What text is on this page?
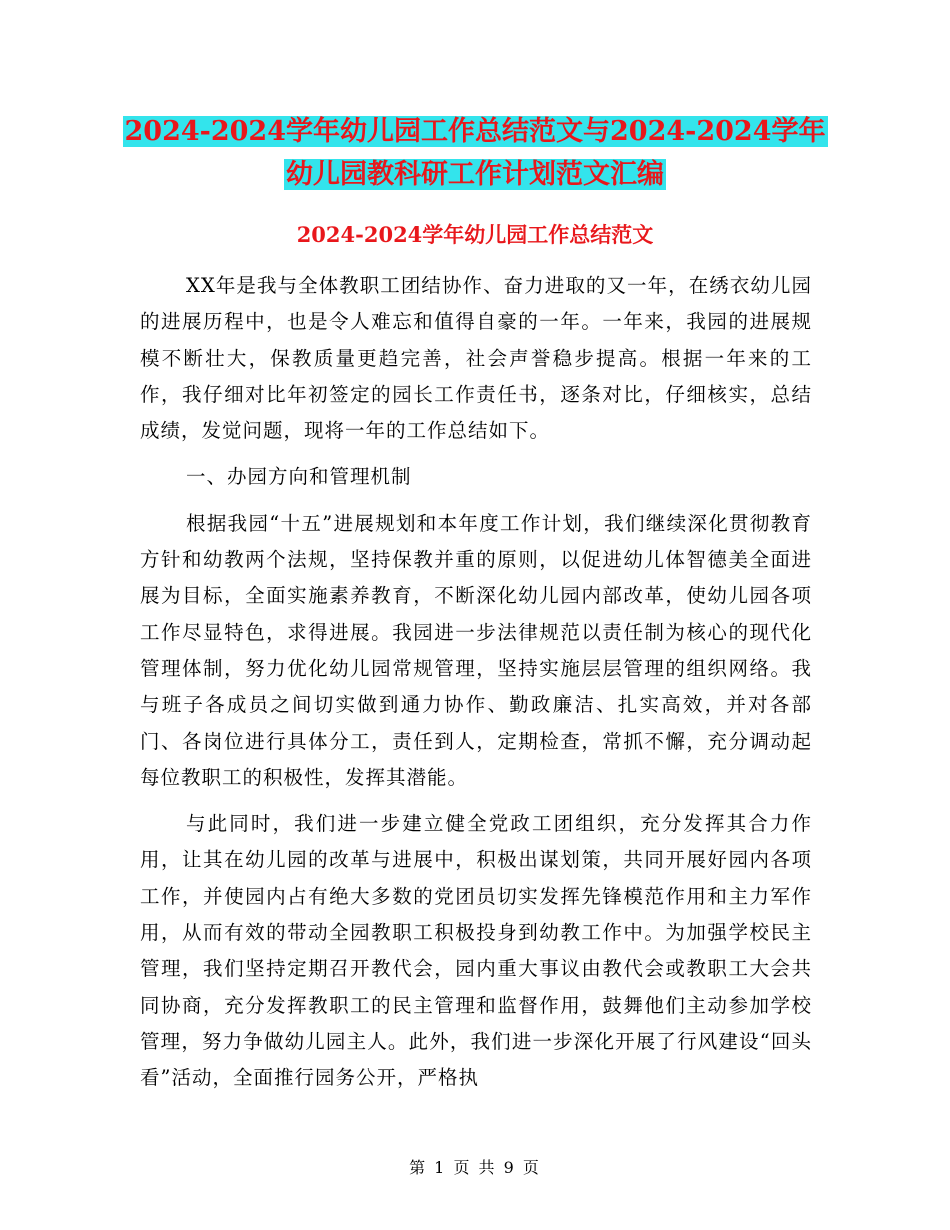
2024-2024学年幼儿园工作总结范文与2024-2024学年
幼儿园教科研工作计划范文汇编
2024-2024学年幼儿园工作总结范文

XX年是我与全体教职工团结协作、奋力进取的又一年，在绣衣幼儿园的进展历程中，也是令人难忘和值得自豪的一年。一年来，我园的进展规模不断壮大，保教质量更趋完善，社会声誉稳步提高。根据一年来的工作，我仔细对比年初签定的园长工作责任书，逐条对比，仔细核实，总结成绩，发觉问题，现将一年的工作总结如下。

一、办园方向和管理机制

根据我园“十五”进展规划和本年度工作计划，我们继续深化贯彻教育方针和幼教两个法规，坚持保教并重的原则，以促进幼儿体智德美全面进展为目标，全面实施素养教育，不断深化幼儿园内部改革，使幼儿园各项工作尽显特色，求得进展。我园进一步法律规范以责任制为核心的现代化管理体制，努力优化幼儿园常规管理，坚持实施层层管理的组织网络。我与班子各成员之间切实做到通力协作、勤政廉洁、扎实高效，并对各部门、各岗位进行具体分工，责任到人，定期检查，常抓不懈，充分调动起每位教职工的积极性，发挥其潜能。

与此同时，我们进一步建立健全党政工团组织，充分发挥其合力作用，让其在幼儿园的改革与进展中，积极出谋划策，共同开展好园内各项工作，并使园内占有绝大多数的党团员切实发挥先锋模范作用和主力军作用，从而有效的带动全园教职工积极投身到幼教工作中。为加强学校民主管理，我们坚持定期召开教代会，园内重大事议由教代会或教职工大会共同协商，充分发挥教职工的民主管理和监督作用，鼓舞他们主动参加学校管理，努力争做幼儿园主人。此外，我们进一步深化开展了行风建设“回头看”活动，全面推行园务公开，严格执

第 1 页 共 9 页
